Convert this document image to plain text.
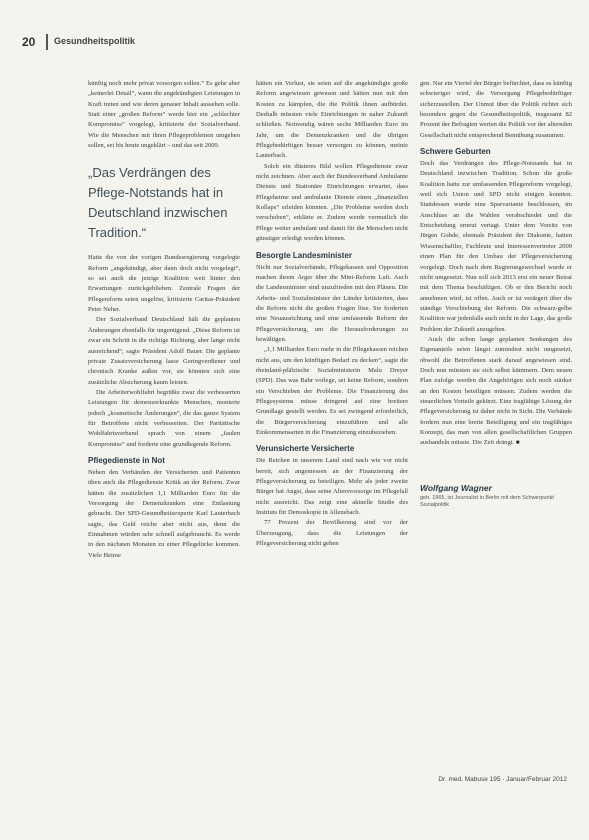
20 Gesundheitspolitik

künftig noch mehr privat vorsorgen sollen.“ Es gehe aber „keinerlei Detail“, wann die angekündigten Leistungen in Kraft treten und wie deren genauer Inhalt aussehen solle. Statt einer „großen Reform“ werde hier ein „schlechter Kompromiss“ vorgelegt, kritisierte der Sozialverband. Wie die Menschen mit ihren Pflegeproblemen umgehen sollen, sei bis heute ungeklärt – und das seit 2009.

„Das Verdrängen des Pflege-Notstands hat in Deutschland inzwischen Tradition.“

Hatte die von der vorigen Bundesregierung vorgelegte Reform „angekündigt, aber dann doch nicht vorgelegt“, so sei auch die jetzige Koalition weit hinter den Erwartungen zurückgeblieben. Zentrale Fragen der Pflegereform seien ungelöst, kritisierte Caritas-Präsident Peter Neher.

Der Sozialverband Deutschland hält die geplanten Änderungen ebenfalls für ungenügend. „Diese Reform ist zwar ein Schritt in die richtige Richtung, aber lange nicht ausreichend“, sagte Präsident Adolf Bauer. Die geplante private Zusatzversicherung lasse Geringverdiener und chronisch Kranke außen vor, sie könnten sich eine zusätzliche Absicherung kaum leisten.

Die Arbeiterwohlfahrt begrüßte zwar die verbesserten Leistungen für demenzerkrankte Menschen, monierte jedoch „kosmetische Änderungen“, die das ganze System für Betroffene nicht verbesserten. Der Paritätische Wohlfahrtsverband sprach von einem „faulen Kompromiss“ und forderte eine grundlegende Reform.

Pflegedienste in Not

Neben den Verbänden der Versicherten und Patienten üben auch die Pflegedienste Kritik an der Reform. Zwar hätten die zusätzlichen 1,1 Milliarden Euro für die Versorgung der Demenzkranken eine Entlastung gebracht. Der SPD-Gesundheitsexperte Karl Lauterbach sagte, das Geld reiche aber nicht aus, denn die Einnahmen würden sehr schnell aufgebraucht. Es werde in den nächsten Monaten zu einer Pflegelücke kommen. Viele Heime

hätten ein Verlust, sie seien auf die angekündigte große Reform angewiesen gewesen und hätten nun mit den Kosten zu kämpfen, die die Politik ihnen aufbürdet. Deshalb müssten viele Einrichtungen in naher Zukunft schließen. Notwendig wären sechs Milliarden Euro im Jahr, um die Demenzkranken und die übrigen Pflegebedürftigen besser versorgen zu können, meinte Lauterbach.

Solch ein düsteres Bild wollen Pflegedienste zwar nicht zeichnen. Aber auch der Bundesverband Ambulante Dienste und Stationäre Einrichtungen erwartet, dass Pflegeheime und ambulante Dienste einen „finanziellen Kollaps“ erleiden könnten. „Die Probleme werden doch verschoben“, erklärte er. Zudem werde vermutlich die Pflege weiter ambulant und damit für die Menschen nicht günstiger erledigt werden können.

Besorgte Landesminister

Nicht nur Sozialverbände, Pflegekassen und Opposition machen ihrem Ärger über die Mini-Reform Luft. Auch die Landesminister sind unzufrieden mit den Plänen. Die Arbeits- und Sozialminister der Länder kritisierten, dass die Reform nicht die großen Fragen löse. Sie forderten eine Neuausrichtung und eine umfassende Reform der Pflegeversicherung, um die Herausforderungen zu bewältigen.

„1,1 Milliarden Euro mehr in die Pflegekassen reichen nicht aus, um den künftigen Bedarf zu decken“, sagte die rheinland-pfälzische Sozialministerin Malu Dreyer (SPD). Das was Bahr vorlege, sei keine Reform, sondern ein Verschieben der Probleme. Die Finanzierung des Pflegesystems müsse dringend auf eine breitere Grundlage gestellt werden. Es sei zwingend erforderlich, die Bürgerversicherung einzuführen und alle Einkommensarten in die Finanzierung einzubeziehen.

Verunsicherte Versicherte

Die Reichen in unserem Land sind nach wie vor nicht bereit, sich angemessen an der Finanzierung der Pflegeversicherung zu beteiligen. Mehr als jeder zweite Bürger hat Angst, dass seine Altersvorsorge im Pflegefall nicht ausreicht. Das zeigt eine aktuelle Studie des Instituts für Demoskopie in Allensbach.

77 Prozent der Bevölkerung sind vor der Überzeugung, dass die Leistungen der Pflegeversicherung nicht gehen

gen. Nur ein Viertel der Bürger befürchtet, dass es künftig schwieriger wird, die Versorgung Pflegebedürftiger sicherzustellen. Der Unmut über die Politik richtet sich besonders gegen die Gesundheitspolitik, insgesamt 82 Prozent der Befragten werten die Politik vor der alternden Gesellschaft nicht entsprechend Bemühung zusammen.

Schwere Geburten

Doch das Verdrängen des Pflege-Notstands hat in Deutschland inzwischen Tradition. Schon die große Koalition hatte zur umfassenden Pflegereform vorgelegt, weil sich Union und SPD nicht einigen konnten. Stattdessen wurde eine Sparvariante beschlossen, im Anschluss an die Wahlen verabschiedet und die Entscheidung erneut vertagt. Unter dem Vorsitz von Jürgen Gohde, ehemals Präsident der Diakonie, hatten Wissenschaftler, Fachleute und Interessenvertreter 2009 einen Plan für den Umbau der Pflegeversicherung vorgelegt. Doch nach dem Regierungswechsel wurde er nicht umgesetzt. Nun soll sich 2013 erst ein neuer Beirat mit dem Thema beschäftigen. Ob er den Bericht noch annehmen wird, ist offen. Auch er ist verärgert über die ständige Verschiebung der Reform. Die schwarz-gelbe Koalition war jedenfalls auch nicht in der Lage, das große Problem der Zukunft anzugehen.

Auch die schon lange geplanten Senkungen des Eigenanteils seien längst zumindest nicht umgesetzt, obwohl die Betroffenen stark darauf angewiesen sind. Doch nun müssten sie sich selbst kümmern. Dem neuen Plan zufolge werden die Angehörigen sich noch stärker an den Kosten beteiligen müssen. Zudem werden die steuerlichen Vorteile gekürzt. Eine tragfähige Lösung der Pflegeversicherung ist daher nicht in Sicht. Die Verbände fordern nun eine breite Beteiligung und ein tragfähiges Konzept, das man von allen gesellschaftlichen Gruppen aushandeln müsste. Die Zeit drängt. ■

Wolfgang Wagner
geb. 1965, ist Journalist in Berlin mit dem Schwerpunkt Sozialpolitik
Dr. med. Mabuse 195 · Januar/Februar 2012
